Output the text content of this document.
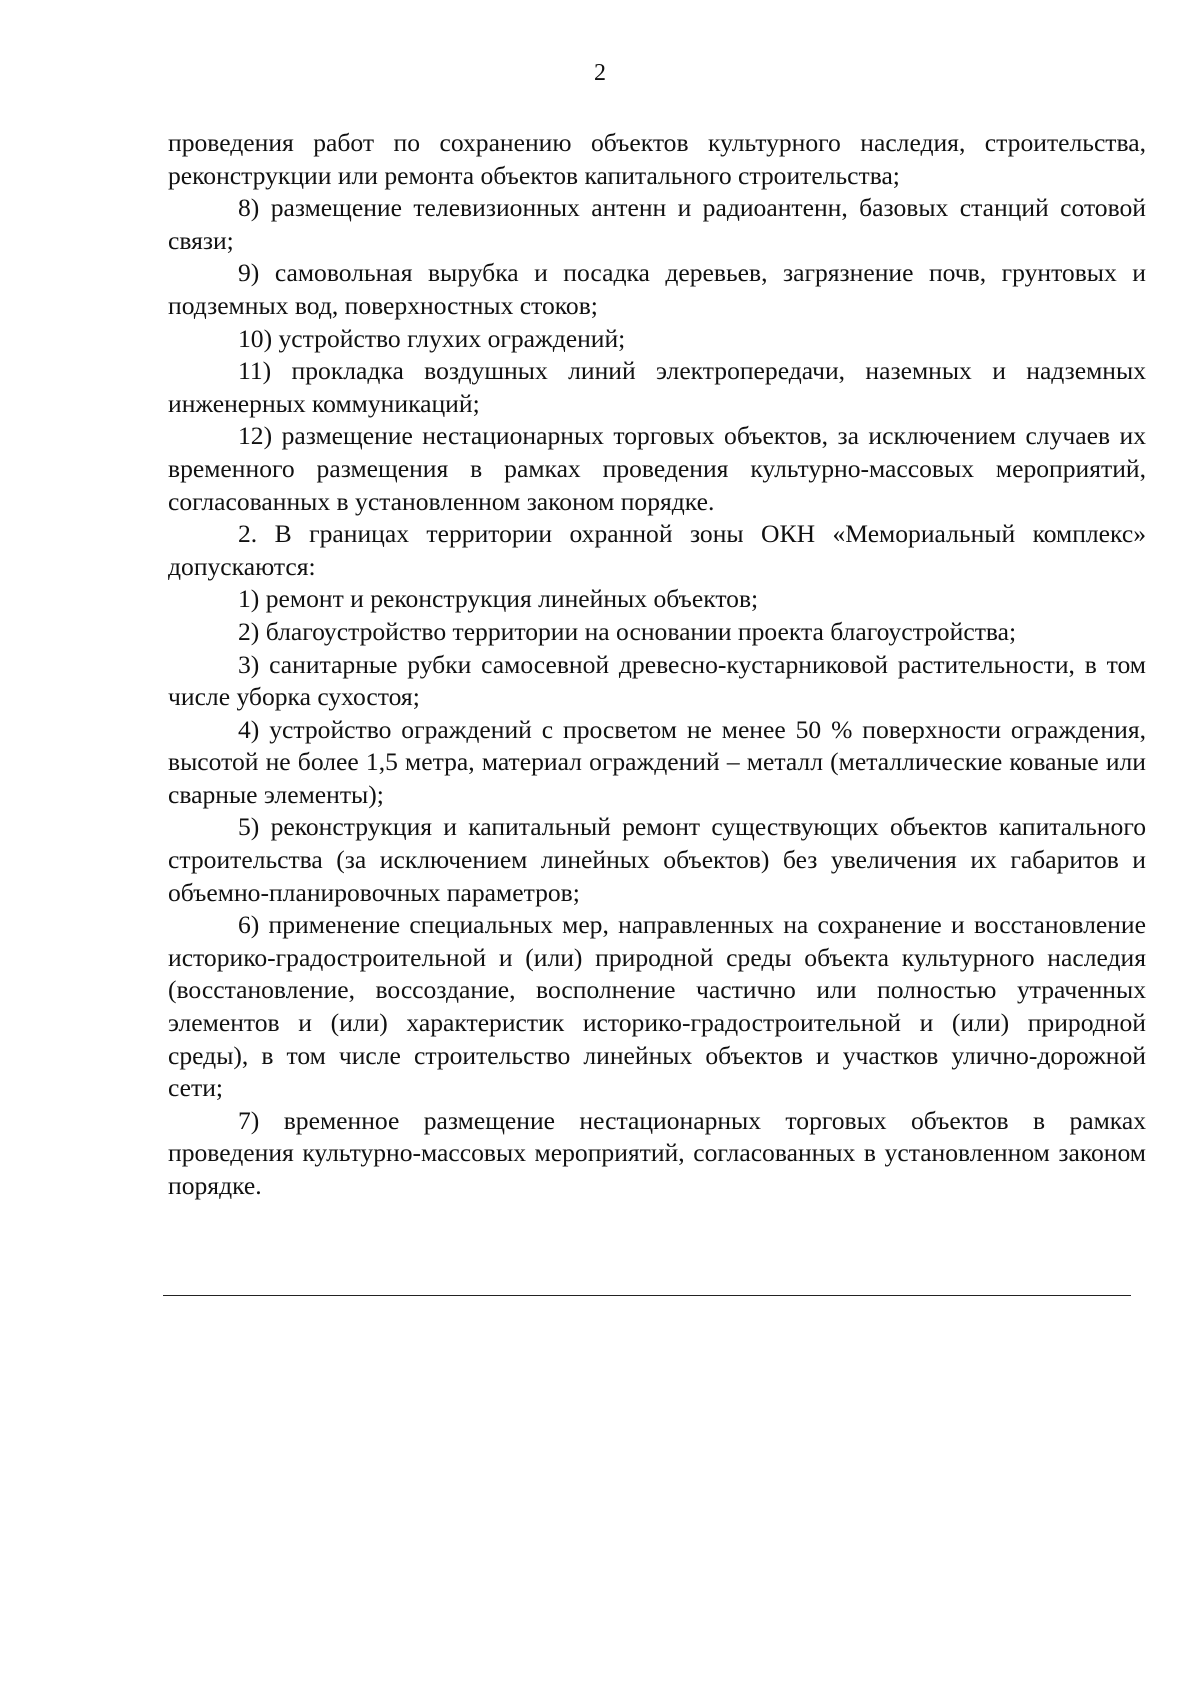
2

проведения работ по сохранению объектов культурного наследия, строительства, реконструкции или ремонта объектов капитального строительства;

8) размещение телевизионных антенн и радиоантенн, базовых станций сотовой связи;

9) самовольная вырубка и посадка деревьев, загрязнение почв, грунтовых и подземных вод, поверхностных стоков;

10) устройство глухих ограждений;

11) прокладка воздушных линий электропередачи, наземных и надземных инженерных коммуникаций;

12) размещение нестационарных торговых объектов, за исключением случаев их временного размещения в рамках проведения культурно-массовых мероприятий, согласованных в установленном законом порядке.

2. В границах территории охранной зоны ОКН «Мемориальный комплекс» допускаются:

1) ремонт и реконструкция линейных объектов;

2) благоустройство территории на основании проекта благоустройства;

3) санитарные рубки самосевной древесно-кустарниковой растительности, в том числе уборка сухостоя;

4) устройство ограждений с просветом не менее 50 % поверхности ограждения, высотой не более 1,5 метра, материал ограждений – металл (металлические кованые или сварные элементы);

5) реконструкция и капитальный ремонт существующих объектов капитального строительства (за исключением линейных объектов) без увеличения их габаритов и объемно-планировочных параметров;

6) применение специальных мер, направленных на сохранение и восстановление историко-градостроительной и (или) природной среды объекта культурного наследия (восстановление, воссоздание, восполнение частично или полностью утраченных элементов и (или) характеристик историко-градостроительной и (или) природной среды), в том числе строительство линейных объектов и участков улично-дорожной сети;

7) временное размещение нестационарных торговых объектов в рамках проведения культурно-массовых мероприятий, согласованных в установленном законом порядке.
